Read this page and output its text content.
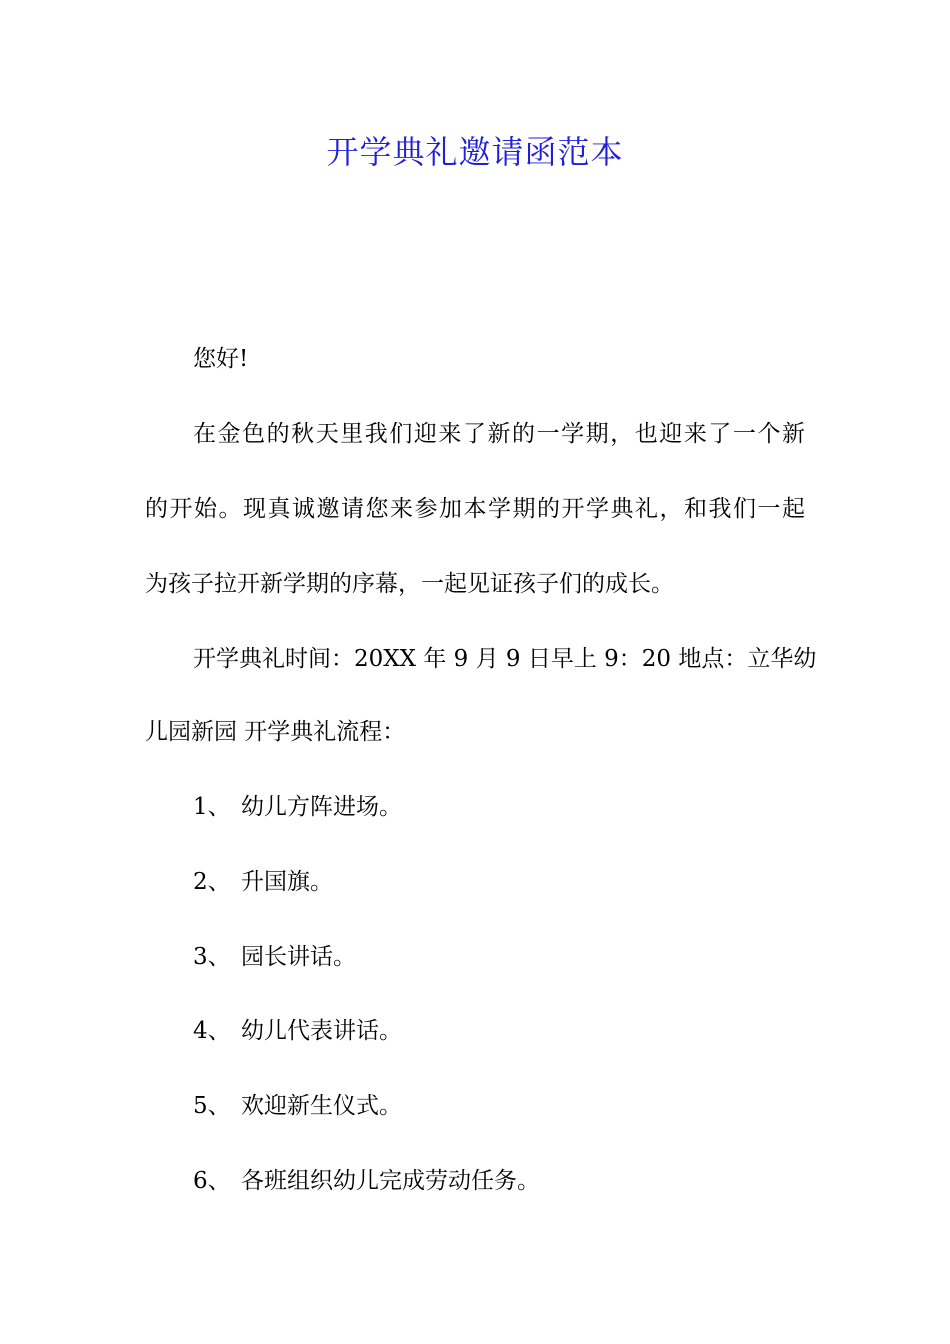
开学典礼邀请函范本
您好!
在金色的秋天里我们迎来了新的一学期，也迎来了一个新
的开始。现真诚邀请您来参加本学期的开学典礼，和我们一起
为孩子拉开新学期的序幕，一起见证孩子们的成长。
开学典礼时间：20XX 年 9 月 9 日早上 9：20 地点：立华幼
儿园新园 开学典礼流程：
1、 幼儿方阵进场。
2、 升国旗。
3、 园长讲话。
4、 幼儿代表讲话。
5、 欢迎新生仪式。
6、 各班组织幼儿完成劳动任务。
